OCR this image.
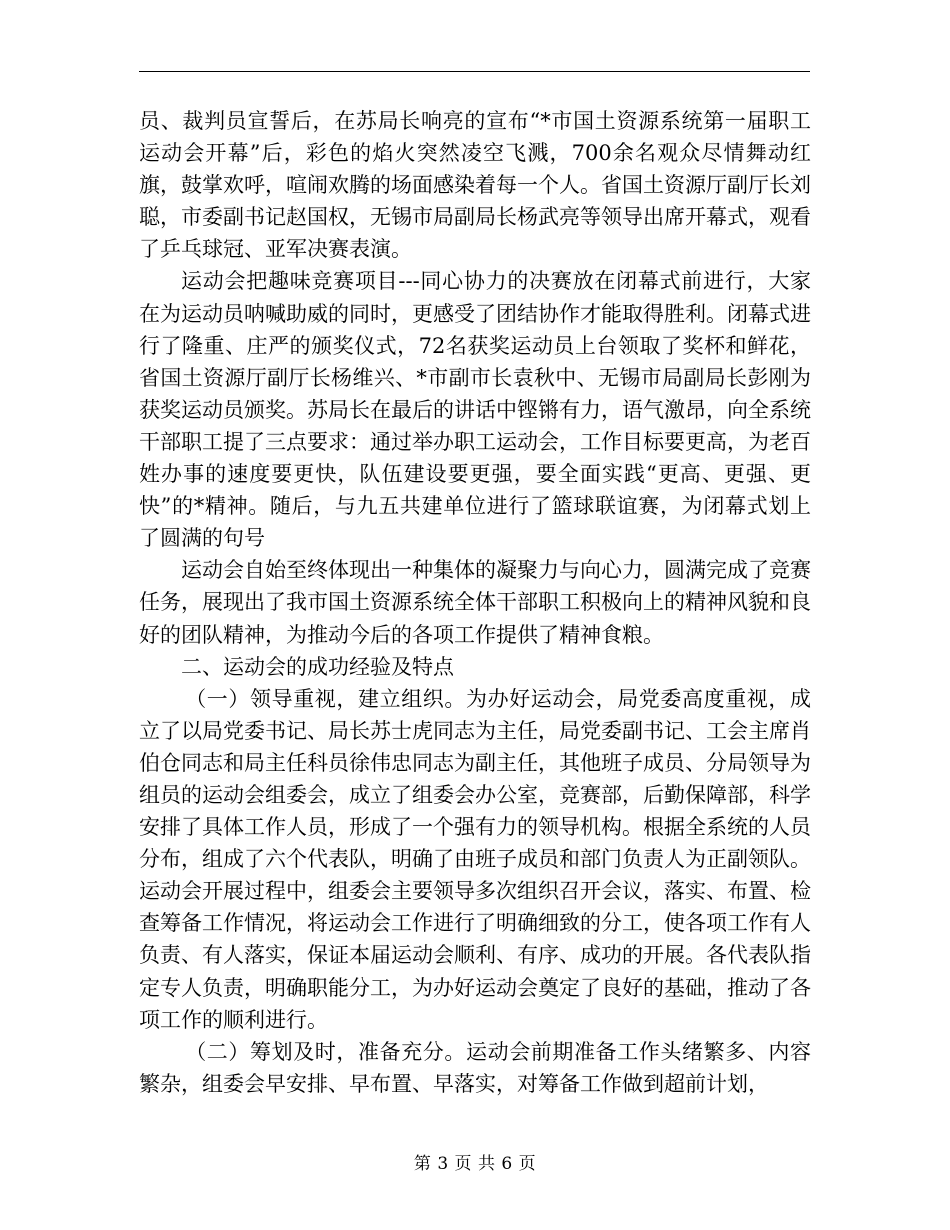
员、裁判员宣誓后，在苏局长响亮的宣布“*市国土资源系统第一届职工运动会开幕”后，彩色的焰火突然凌空飞溅，700余名观众尽情舞动红旗，鼓掌欢呼，喧闹欢腾的场面感染着每一个人。省国土资源厅副厅长刘聪，市委副书记赵国权，无锡市局副局长杨武亮等领导出席开幕式，观看了乒乓球冠、亚军决赛表演。

运动会把趣味竞赛项目---同心协力的决赛放在闭幕式前进行，大家在为运动员呐喊助威的同时，更感受了团结协作才能取得胜利。闭幕式进行了隆重、庄严的颁奖仪式，72名获奖运动员上台领取了奖杯和鲜花，省国土资源厅副厅长杨维兴、*市副市长袁秋中、无锡市局副局长彭刚为获奖运动员颁奖。苏局长在最后的讲话中铿锵有力，语气激昂，向全系统干部职工提了三点要求：通过举办职工运动会，工作目标要更高，为老百姓办事的速度要更快，队伍建设要更强，要全面实践“更高、更强、更快”的*精神。随后，与九五共建单位进行了篮球联谊赛，为闭幕式划上了圆满的句号

运动会自始至终体现出一种集体的凝聚力与向心力，圆满完成了竞赛任务，展现出了我市国土资源系统全体干部职工积极向上的精神风貌和良好的团队精神，为推动今后的各项工作提供了精神食粮。

二、运动会的成功经验及特点

（一）领导重视，建立组织。为办好运动会，局党委高度重视，成立了以局党委书记、局长苏士虎同志为主任，局党委副书记、工会主席肖伯仓同志和局主任科员徐伟忠同志为副主任，其他班子成员、分局领导为组员的运动会组委会，成立了组委会办公室，竞赛部，后勤保障部，科学安排了具体工作人员，形成了一个强有力的领导机构。根据全系统的人员分布，组成了六个代表队，明确了由班子成员和部门负责人为正副领队。运动会开展过程中，组委会主要领导多次组织召开会议，落实、布置、检查筹备工作情况，将运动会工作进行了明确细致的分工，使各项工作有人负责、有人落实，保证本届运动会顺利、有序、成功的开展。各代表队指定专人负责，明确职能分工，为办好运动会奠定了良好的基础，推动了各项工作的顺利进行。

（二）筹划及时，准备充分。运动会前期准备工作头绪繁多、内容繁杂，组委会早安排、早布置、早落实，对筹备工作做到超前计划，

第 3 页 共 6 页
